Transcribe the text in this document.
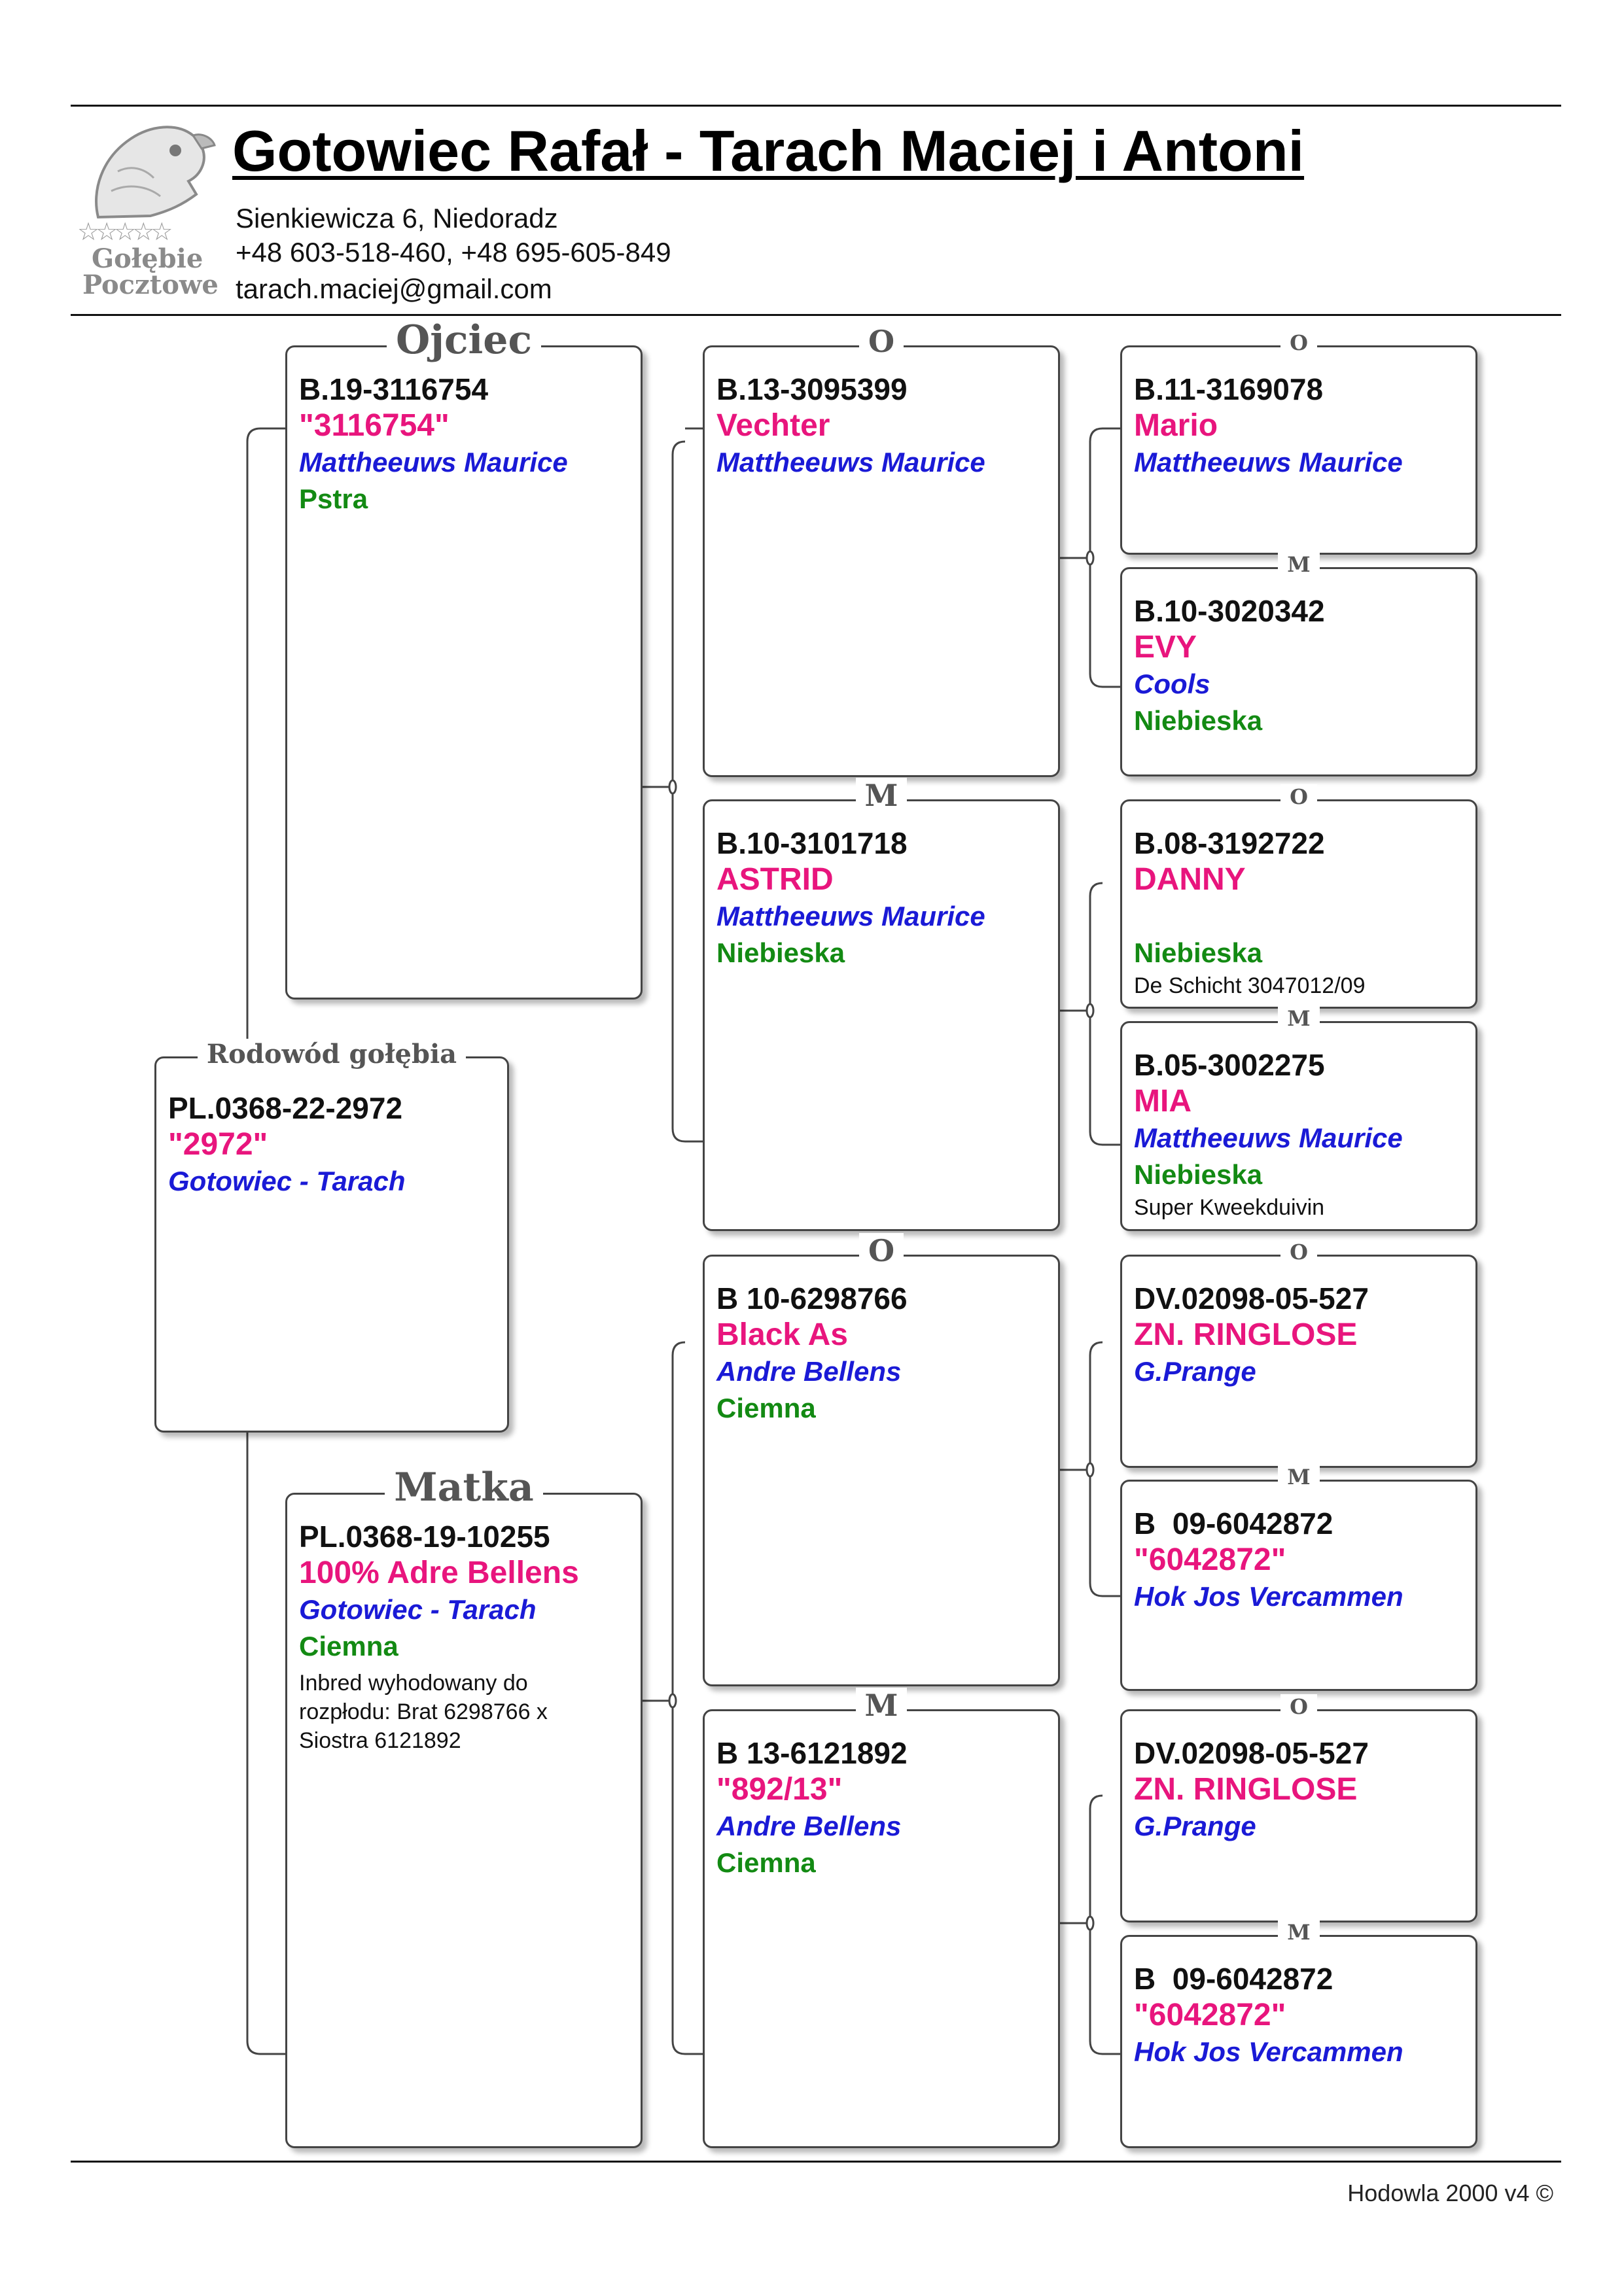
☆☆☆☆☆
Gołębie
Pocztowe
Gotowiec Rafał - Tarach Maciej i Antoni
Sienkiewicza 6, Niedoradz
+48 603-518-460, +48 695-605-849
tarach.maciej@gmail.com
Rodowód gołębia
PL.0368-22-2972
"2972"
Gotowiec - Tarach
Ojciec
B.19-3116754
"3116754"
Mattheeuws Maurice
Pstra
Matka
PL.0368-19-10255
100% Adre Bellens
Gotowiec - Tarach
Ciemna
Inbred wyhodowany do rozpłodu: Brat 6298766 x Siostra 6121892
O
B.13-3095399
Vechter
Mattheeuws Maurice
M
B.10-3101718
ASTRID
Mattheeuws Maurice
Niebieska
O
B 10-6298766
Black As
Andre Bellens
Ciemna
M
B 13-6121892
"892/13"
Andre Bellens
Ciemna
O
B.11-3169078
Mario
Mattheeuws Maurice
M
B.10-3020342
EVY
Cools
Niebieska
O
B.08-3192722
DANNY

Niebieska
De Schicht 3047012/09
M
B.05-3002275
MIA
Mattheeuws Maurice
Niebieska
Super Kweekduivin
O
DV.02098-05-527
ZN. RINGLOSE
G.Prange
M
B  09-6042872
"6042872"
Hok Jos Vercammen
O
DV.02098-05-527
ZN. RINGLOSE
G.Prange
M
B  09-6042872
"6042872"
Hok Jos Vercammen
Hodowla 2000 v4 ©
